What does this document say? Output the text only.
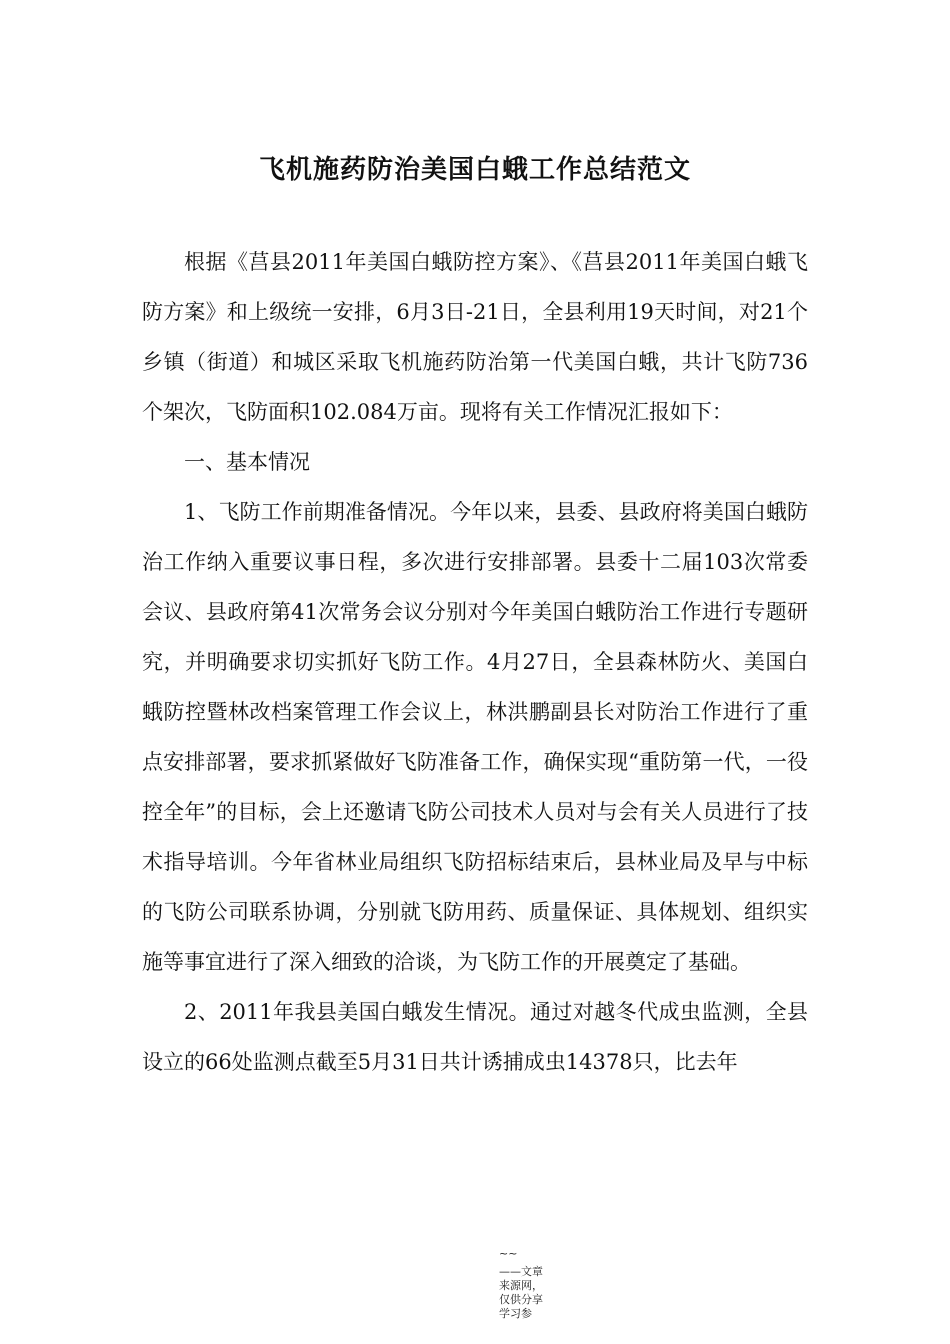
飞机施药防治美国白蛾工作总结范文

根据《莒县2011年美国白蛾防控方案》、《莒县2011年美国白蛾飞防方案》和上级统一安排，6月3日-21日，全县利用19天时间，对21个乡镇（街道）和城区采取飞机施药防治第一代美国白蛾，共计飞防736个架次，飞防面积102.084万亩。现将有关工作情况汇报如下：

一、基本情况

1、飞防工作前期准备情况。今年以来，县委、县政府将美国白蛾防治工作纳入重要议事日程，多次进行安排部署。县委十二届103次常委会议、县政府第41次常务会议分别对今年美国白蛾防治工作进行专题研究，并明确要求切实抓好飞防工作。4月27日，全县森林防火、美国白蛾防控暨林改档案管理工作会议上，林洪鹏副县长对防治工作进行了重点安排部署，要求抓紧做好飞防准备工作，确保实现“重防第一代，一役控全年”的目标，会上还邀请飞防公司技术人员对与会有关人员进行了技术指导培训。今年省林业局组织飞防招标结束后，县林业局及早与中标的飞防公司联系协调，分别就飞防用药、质量保证、具体规划、组织实施等事宜进行了深入细致的洽谈，为飞防工作的开展奠定了基础。

2、2011年我县美国白蛾发生情况。通过对越冬代成虫监测，全县设立的66处监测点截至5月31日共计诱捕成虫14378只，比去年

~~
——文章来源网，仅供分享学习参
